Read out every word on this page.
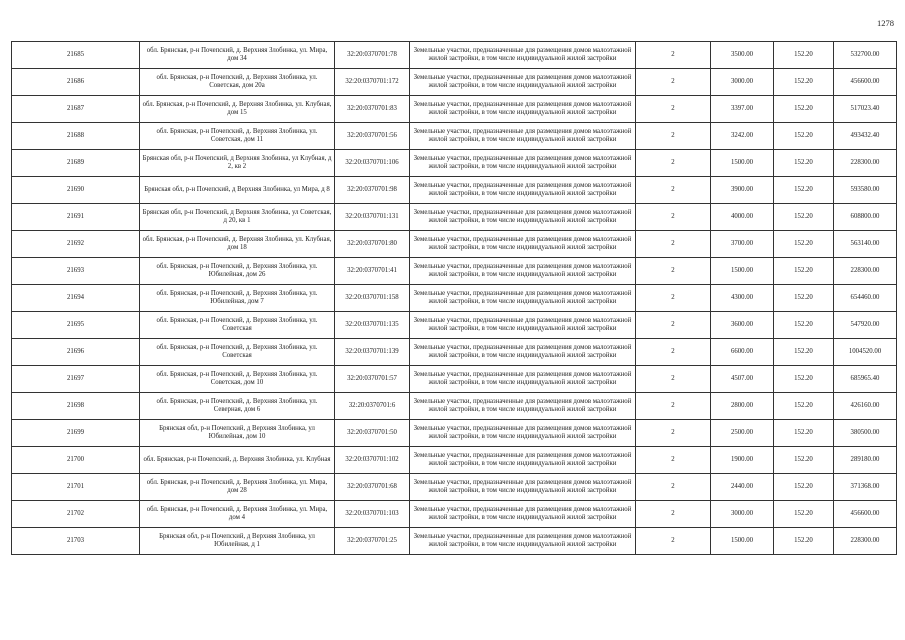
1278
21685	обл. Брянская, р-н Почепский, д. Верхняя Злобинка, ул. Мира, дом 34	32:20:0370701:78	Земельные участки, предназначенные для размещения домов малоэтажной жилой застройки, в том числе индивидуальной жилой застройки	2	3500.00	152.20	532700.00
21686	обл. Брянская, р-н Почепский, д. Верхняя Злобинка, ул. Советская, дом 20а	32:20:0370701:172	Земельные участки, предназначенные для размещения домов малоэтажной жилой застройки, в том числе индивидуальной жилой застройки	2	3000.00	152.20	456600.00
21687	обл. Брянская, р-н Почепский, д. Верхняя Злобинка, ул. Клубная, дом 15	32:20:0370701:83	Земельные участки, предназначенные для размещения домов малоэтажной жилой застройки, в том числе индивидуальной жилой застройки	2	3397.00	152.20	517023.40
21688	обл. Брянская, р-н Почепский, д. Верхняя Злобинка, ул. Советская, дом 11	32:20:0370701:56	Земельные участки, предназначенные для размещения домов малоэтажной жилой застройки, в том числе индивидуальной жилой застройки	2	3242.00	152.20	493432.40
21689	Брянская обл, р-н Почепский, д Верхняя Злобинка, ул Клубная, д 2, кв 2	32:20:0370701:106	Земельные участки, предназначенные для размещения домов малоэтажной жилой застройки, в том числе индивидуальной жилой застройки	2	1500.00	152.20	228300.00
21690	Брянская обл, р-н Почепский, д Верхняя Злобинка, ул Мира, д 8	32:20:0370701:98	Земельные участки, предназначенные для размещения домов малоэтажной жилой застройки, в том числе индивидуальной жилой застройки	2	3900.00	152.20	593580.00
21691	Брянская обл, р-н Почепский, д Верхняя Злобинка, ул Советская, д 20, кв 1	32:20:0370701:131	Земельные участки, предназначенные для размещения домов малоэтажной жилой застройки, в том числе индивидуальной жилой застройки	2	4000.00	152.20	608800.00
21692	обл. Брянская, р-н Почепский, д. Верхняя Злобинка, ул. Клубная, дом 18	32:20:0370701:80	Земельные участки, предназначенные для размещения домов малоэтажной жилой застройки, в том числе индивидуальной жилой застройки	2	3700.00	152.20	563140.00
21693	обл. Брянская, р-н Почепский, д. Верхняя Злобинка, ул. Юбилейная, дом 26	32:20:0370701:41	Земельные участки, предназначенные для размещения домов малоэтажной жилой застройки, в том числе индивидуальной жилой застройки	2	1500.00	152.20	228300.00
21694	обл. Брянская, р-н Почепский, д. Верхняя Злобинка, ул. Юбилейная, дом 7	32:20:0370701:158	Земельные участки, предназначенные для размещения домов малоэтажной жилой застройки, в том числе индивидуальной жилой застройки	2	4300.00	152.20	654460.00
21695	обл. Брянская, р-н Почепский, д. Верхняя Злобинка, ул. Советская	32:20:0370701:135	Земельные участки, предназначенные для размещения домов малоэтажной жилой застройки, в том числе индивидуальной жилой застройки	2	3600.00	152.20	547920.00
21696	обл. Брянская, р-н Почепский, д. Верхняя Злобинка, ул. Советская	32:20:0370701:139	Земельные участки, предназначенные для размещения домов малоэтажной жилой застройки, в том числе индивидуальной жилой застройки	2	6600.00	152.20	1004520.00
21697	обл. Брянская, р-н Почепский, д. Верхняя Злобинка, ул. Советская, дом 10	32:20:0370701:57	Земельные участки, предназначенные для размещения домов малоэтажной жилой застройки, в том числе индивидуальной жилой застройки	2	4507.00	152.20	685965.40
21698	обл. Брянская, р-н Почепский, д. Верхняя Злобинка, ул. Северная, дом 6	32:20:0370701:6	Земельные участки, предназначенные для размещения домов малоэтажной жилой застройки, в том числе индивидуальной жилой застройки	2	2800.00	152.20	426160.00
21699	Брянская обл, р-н Почепский, д Верхняя Злобинка, ул Юбилейная, дом 10	32:20:0370701:50	Земельные участки, предназначенные для размещения домов малоэтажной жилой застройки, в том числе индивидуальной жилой застройки	2	2500.00	152.20	380500.00
21700	обл. Брянская, р-н Почепский, д. Верхняя Злобинка, ул. Клубная	32:20:0370701:102	Земельные участки, предназначенные для размещения домов малоэтажной жилой застройки, в том числе индивидуальной жилой застройки	2	1900.00	152.20	289180.00
21701	обл. Брянская, р-н Почепский, д. Верхняя Злобинка, ул. Мира, дом 28	32:20:0370701:68	Земельные участки, предназначенные для размещения домов малоэтажной жилой застройки, в том числе индивидуальной жилой застройки	2	2440.00	152.20	371368.00
21702	обл. Брянская, р-н Почепский, д. Верхняя Злобинка, ул. Мира, дом 4	32:20:0370701:103	Земельные участки, предназначенные для размещения домов малоэтажной жилой застройки, в том числе индивидуальной жилой застройки	2	3000.00	152.20	456600.00
21703	Брянская обл, р-н Почепский, д Верхняя Злобинка, ул Юбилейная, д 1	32:20:0370701:25	Земельные участки, предназначенные для размещения домов малоэтажной жилой застройки, в том числе индивидуальной жилой застройки	2	1500.00	152.20	228300.00
